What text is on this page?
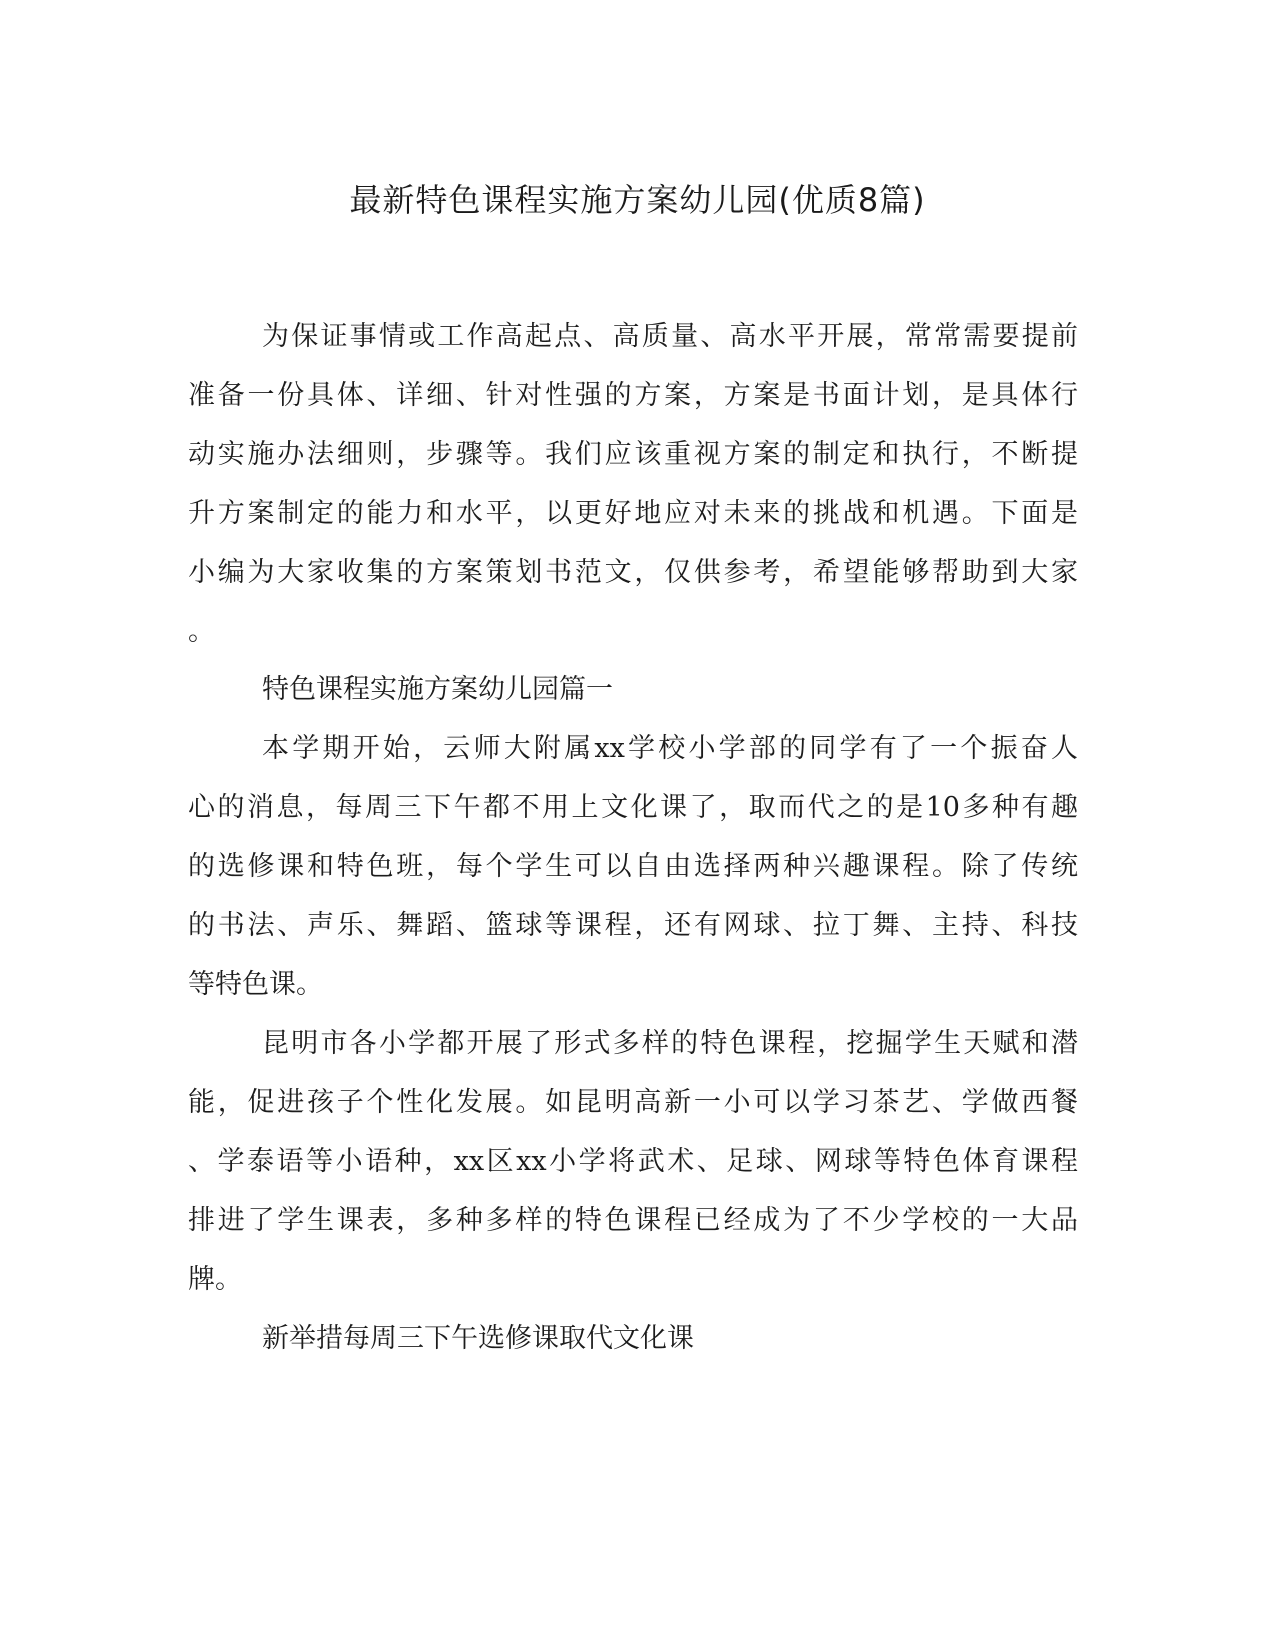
最新特色课程实施方案幼儿园(优质8篇)
为保证事情或工作高起点、高质量、高水平开展，常常需要提前
准备一份具体、详细、针对性强的方案，方案是书面计划，是具体行
动实施办法细则，步骤等。我们应该重视方案的制定和执行，不断提
升方案制定的能力和水平，以更好地应对未来的挑战和机遇。下面是
小编为大家收集的方案策划书范文，仅供参考，希望能够帮助到大家
。
特色课程实施方案幼儿园篇一
本学期开始，云师大附属xx学校小学部的同学有了一个振奋人
心的消息，每周三下午都不用上文化课了，取而代之的是10多种有趣
的选修课和特色班，每个学生可以自由选择两种兴趣课程。除了传统
的书法、声乐、舞蹈、篮球等课程，还有网球、拉丁舞、主持、科技
等特色课。
昆明市各小学都开展了形式多样的特色课程，挖掘学生天赋和潜
能，促进孩子个性化发展。如昆明高新一小可以学习茶艺、学做西餐
、学泰语等小语种，xx区xx小学将武术、足球、网球等特色体育课程
排进了学生课表，多种多样的特色课程已经成为了不少学校的一大品
牌。
新举措每周三下午选修课取代文化课
